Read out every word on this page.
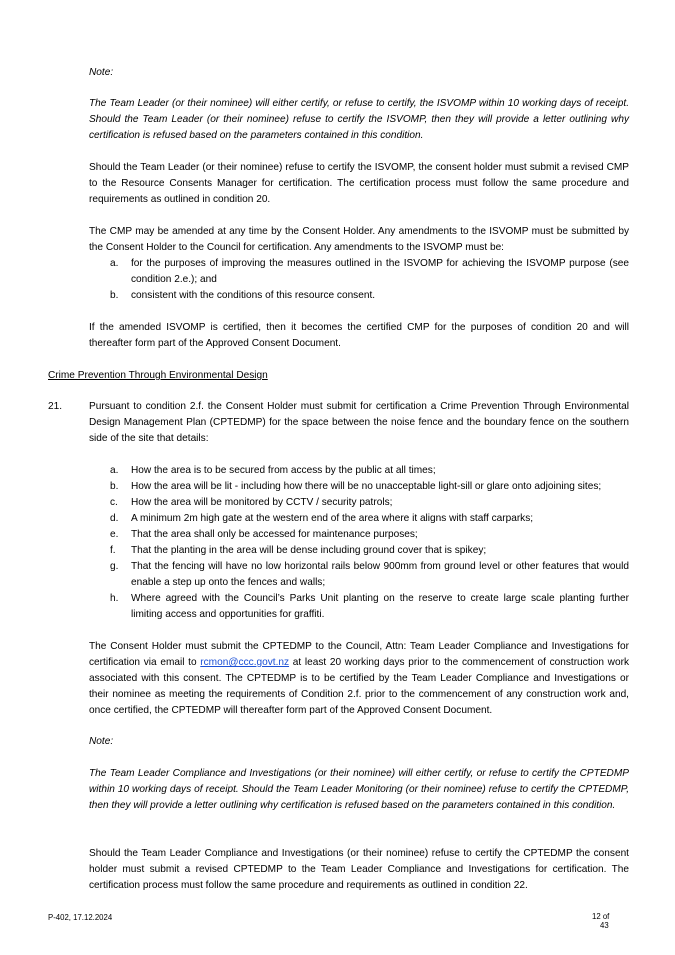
Note:

The Team Leader (or their nominee) will either certify, or refuse to certify, the ISVOMP within 10 working days of receipt. Should the Team Leader (or their nominee) refuse to certify the ISVOMP, then they will provide a letter outlining why certification is refused based on the parameters contained in this condition.

Should the Team Leader (or their nominee) refuse to certify the ISVOMP, the consent holder must submit a revised CMP to the Resource Consents Manager for certification. The certification process must follow the same procedure and requirements as outlined in condition 20.

The CMP may be amended at any time by the Consent Holder. Any amendments to the ISVOMP must be submitted by the Consent Holder to the Council for certification. Any amendments to the ISVOMP must be:

a. for the purposes of improving the measures outlined in the ISVOMP for achieving the ISVOMP purpose (see condition 2.e.); and
b. consistent with the conditions of this resource consent.

If the amended ISVOMP is certified, then it becomes the certified CMP for the purposes of condition 20 and will thereafter form part of the Approved Consent Document.

Crime Prevention Through Environmental Design

21.	Pursuant to condition 2.f. the Consent Holder must submit for certification a Crime Prevention Through Environmental Design Management Plan (CPTEDMP) for the space between the noise fence and the boundary fence on the southern side of the site that details:

a. How the area is to be secured from access by the public at all times;
b. How the area will be lit - including how there will be no unacceptable light-sill or glare onto adjoining sites;
c. How the area will be monitored by CCTV / security patrols;
d. A minimum 2m high gate at the western end of the area where it aligns with staff carparks;
e. That the area shall only be accessed for maintenance purposes;
f. That the planting in the area will be dense including ground cover that is spikey;
g. That the fencing will have no low horizontal rails below 900mm from ground level or other features that would enable a step up onto the fences and walls;
h. Where agreed with the Council’s Parks Unit planting on the reserve to create large scale planting further limiting access and opportunities for graffiti.

The Consent Holder must submit the CPTEDMP to the Council, Attn: Team Leader Compliance and Investigations for certification via email to rcmon@ccc.govt.nz at least 20 working days prior to the commencement of construction work associated with this consent. The CPTEDMP is to be certified by the Team Leader Compliance and Investigations or their nominee as meeting the requirements of Condition 2.f. prior to the commencement of any construction work and, once certified, the CPTEDMP will thereafter form part of the Approved Consent Document.

Note:

The Team Leader Compliance and Investigations (or their nominee) will either certify, or refuse to certify the CPTEDMP within 10 working days of receipt. Should the Team Leader Monitoring (or their nominee) refuse to certify the CPTEDMP, then they will provide a letter outlining why certification is refused based on the parameters contained in this condition.

Should the Team Leader Compliance and Investigations (or their nominee) refuse to certify the CPTEDMP the consent holder must submit a revised CPTEDMP to the Team Leader Compliance and Investigations for certification. The certification process must follow the same procedure and requirements as outlined in condition 22.

P-402, 17.12.2024	12 of
43
